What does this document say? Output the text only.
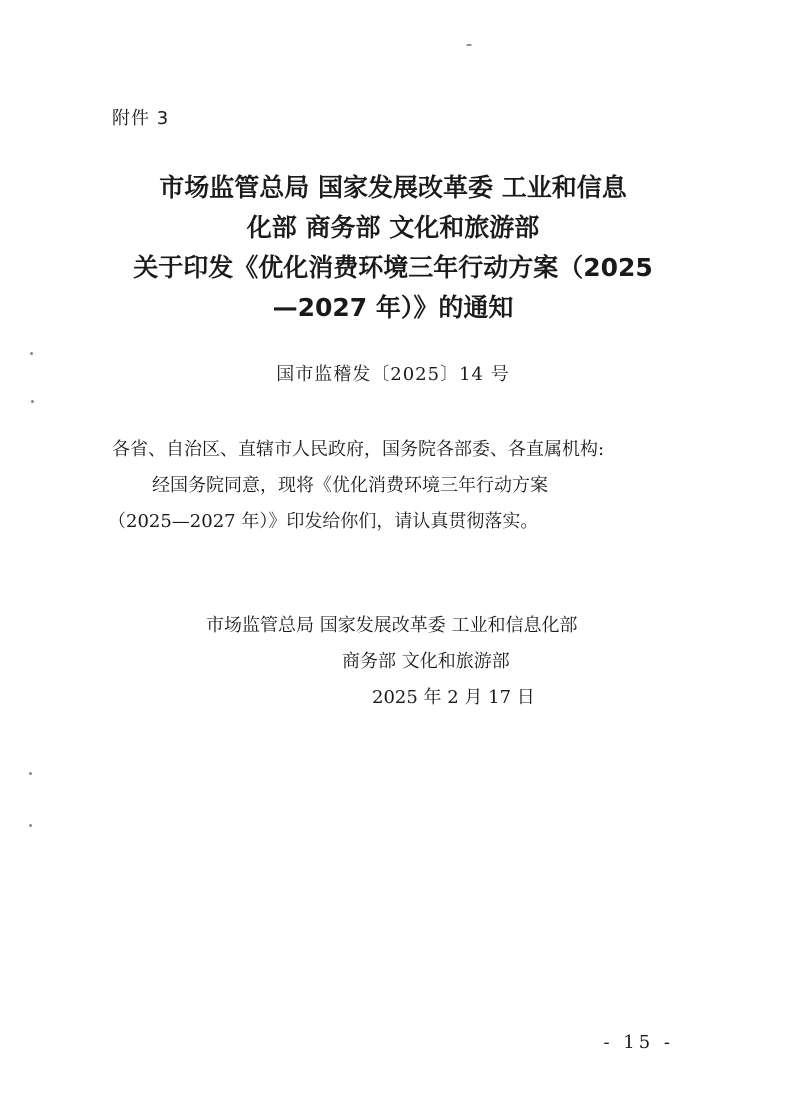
附件 3
市场监管总局 国家发展改革委 工业和信息
化部 商务部 文化和旅游部
关于印发《优化消费环境三年行动方案（2025
—2027 年）》的通知
国市监稽发〔2025〕14 号
各省、自治区、直辖市人民政府，国务院各部委、各直属机构:
经国务院同意，现将《优化消费环境三年行动方案
（2025—2027 年）》印发给你们，请认真贯彻落实。
市场监管总局 国家发展改革委 工业和信息化部
商务部 文化和旅游部
2025 年 2 月 17 日
- 15 -
